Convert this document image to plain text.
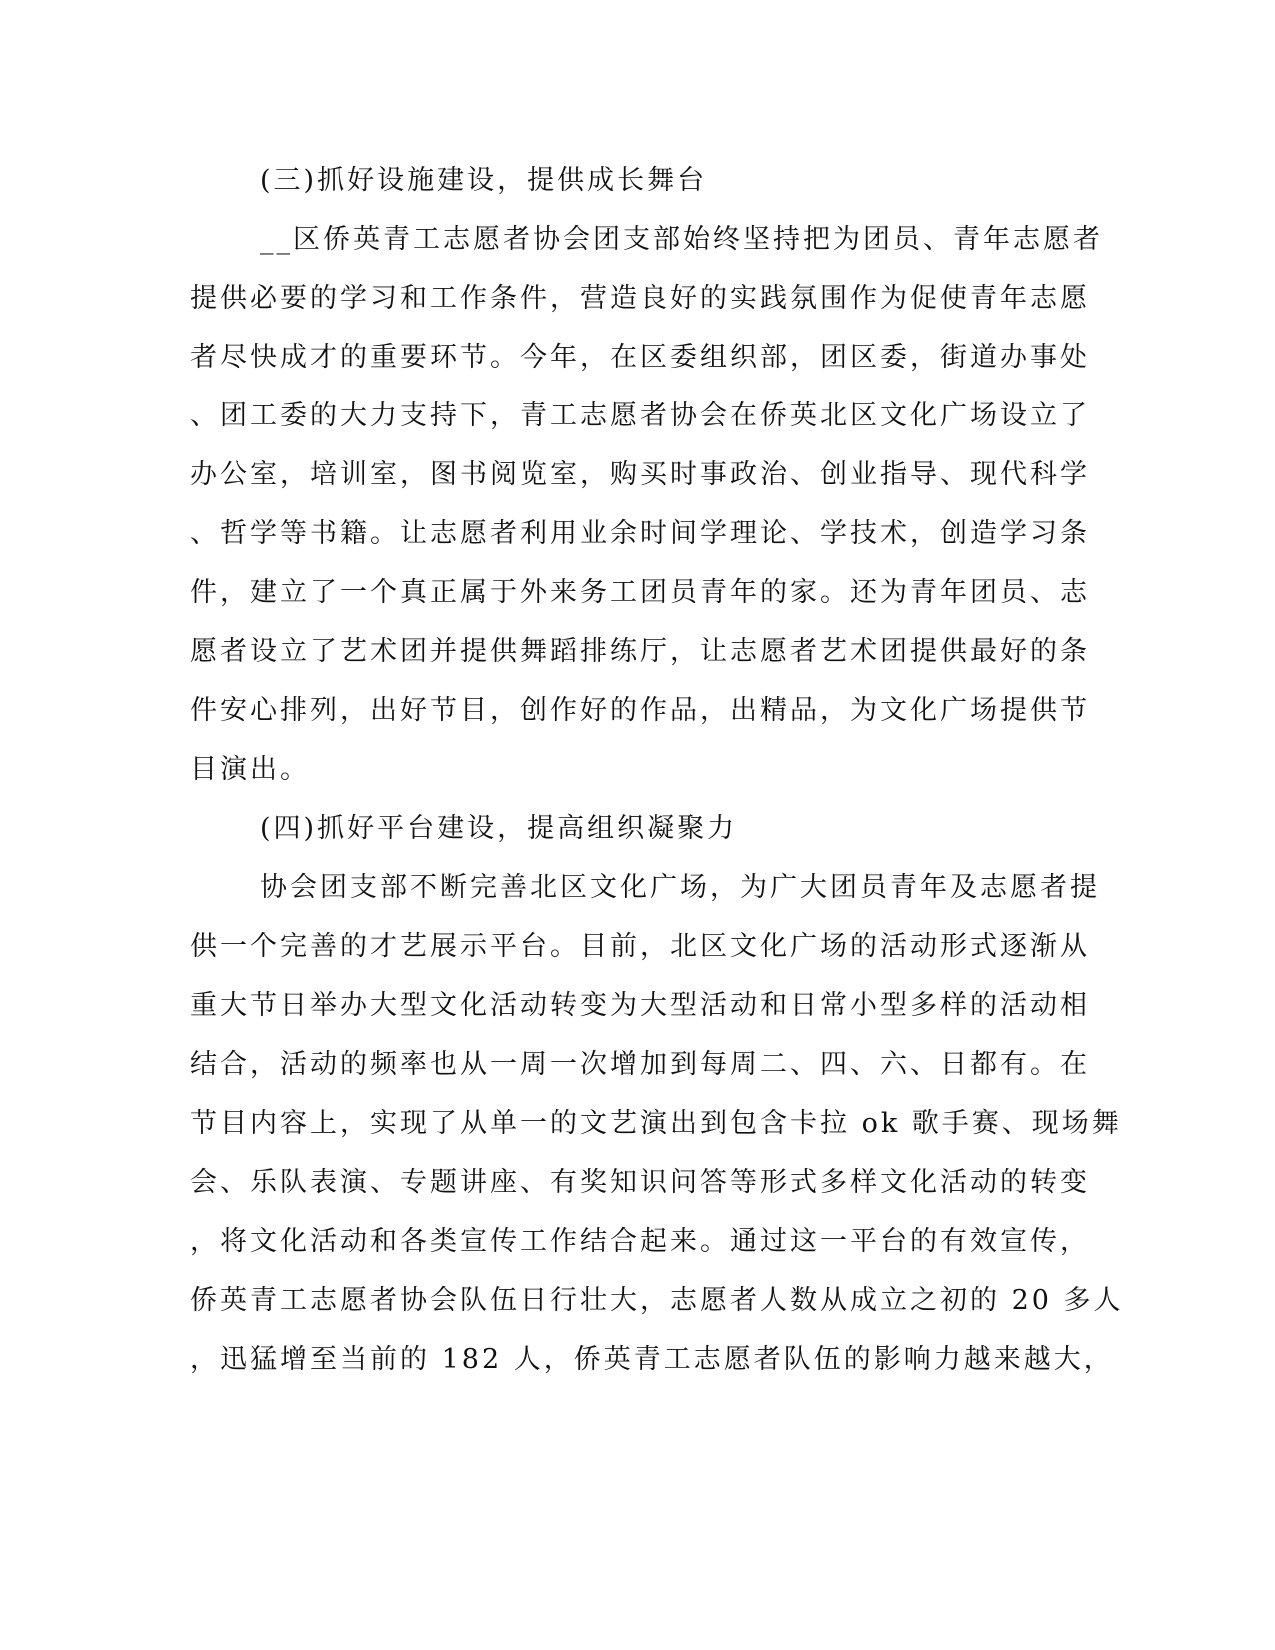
(三)抓好设施建设，提供成长舞台
__区侨英青工志愿者协会团支部始终坚持把为团员、青年志愿者
提供必要的学习和工作条件，营造良好的实践氛围作为促使青年志愿
者尽快成才的重要环节。今年，在区委组织部，团区委，街道办事处
、团工委的大力支持下，青工志愿者协会在侨英北区文化广场设立了
办公室，培训室，图书阅览室，购买时事政治、创业指导、现代科学
、哲学等书籍。让志愿者利用业余时间学理论、学技术，创造学习条
件，建立了一个真正属于外来务工团员青年的家。还为青年团员、志
愿者设立了艺术团并提供舞蹈排练厅，让志愿者艺术团提供最好的条
件安心排列，出好节目，创作好的作品，出精品，为文化广场提供节
目演出。
(四)抓好平台建设，提高组织凝聚力
协会团支部不断完善北区文化广场，为广大团员青年及志愿者提
供一个完善的才艺展示平台。目前，北区文化广场的活动形式逐渐从
重大节日举办大型文化活动转变为大型活动和日常小型多样的活动相
结合，活动的频率也从一周一次增加到每周二、四、六、日都有。在
节目内容上，实现了从单一的文艺演出到包含卡拉 ok 歌手赛、现场舞
会、乐队表演、专题讲座、有奖知识问答等形式多样文化活动的转变
，将文化活动和各类宣传工作结合起来。通过这一平台的有效宣传，
侨英青工志愿者协会队伍日行壮大，志愿者人数从成立之初的 20 多人
，迅猛增至当前的 182 人，侨英青工志愿者队伍的影响力越来越大，
